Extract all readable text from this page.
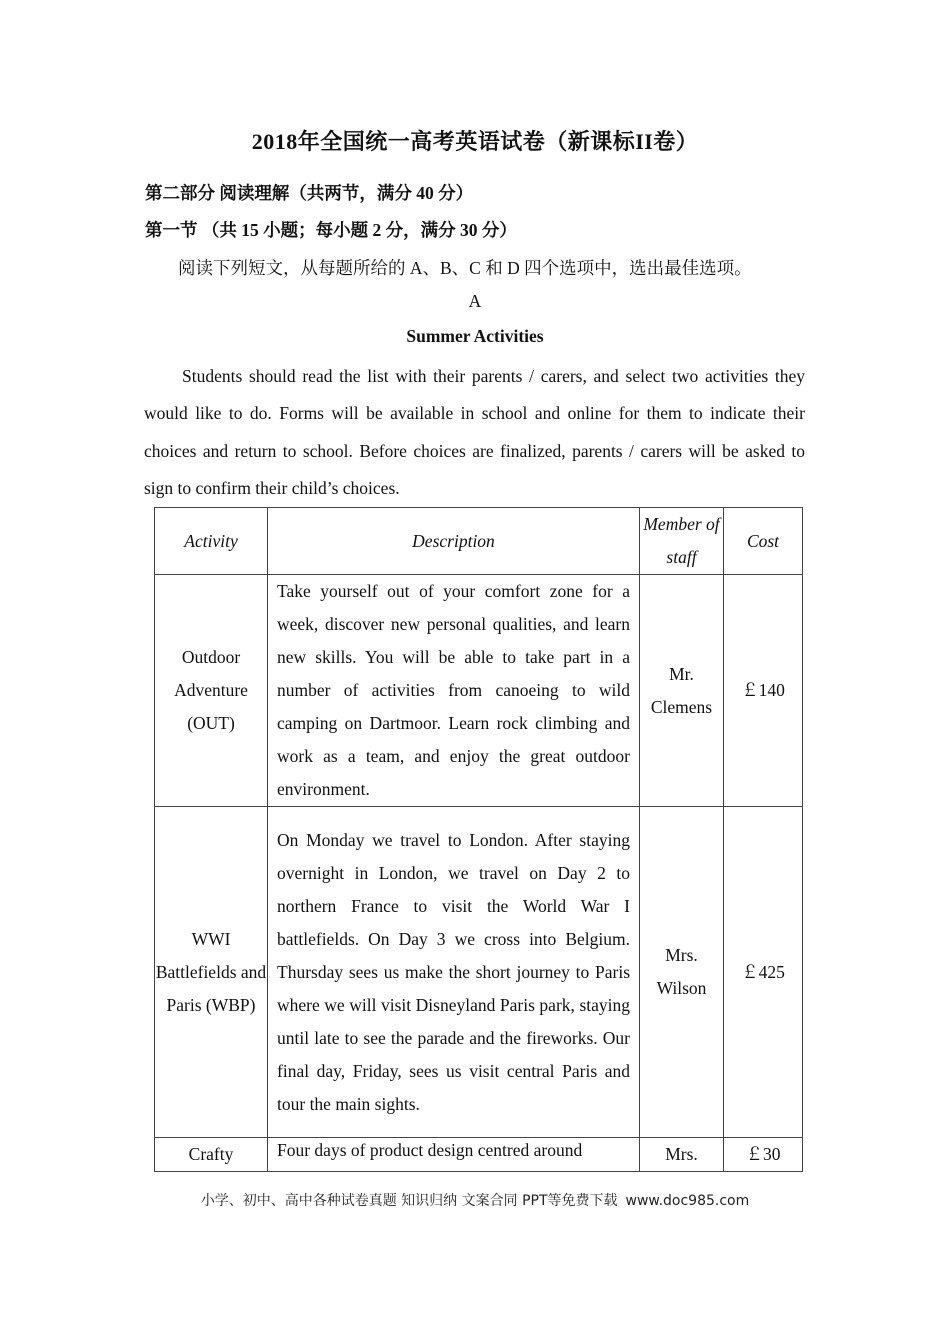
2018年全国统一高考英语试卷（新课标II卷）
第二部分 阅读理解（共两节，满分 40 分）
第一节 （共 15 小题；每小题 2 分，满分 30 分）
阅读下列短文，从每题所给的 A、B、C 和 D 四个选项中，选出最佳选项。
A
Summer Activities

Students should read the list with their parents / carers, and select two activities they would like to do. Forms will be available in school and online for them to indicate their choices and return to school. Before choices are finalized, parents / carers will be asked to sign to confirm their child’s choices.

Activity	Description	Member of staff	Cost
Outdoor Adventure (OUT)	Take yourself out of your comfort zone for a week, discover new personal qualities, and learn new skills. You will be able to take part in a number of activities from canoeing to wild camping on Dartmoor. Learn rock climbing and work as a team, and enjoy the great outdoor environment.	Mr. Clemens	￡140
WWI Battlefields and Paris (WBP)	On Monday we travel to London. After staying overnight in London, we travel on Day 2 to northern France to visit the World War I battlefields. On Day 3 we cross into Belgium. Thursday sees us make the short journey to Paris where we will visit Disneyland Paris park, staying until late to see the parade and the fireworks. Our final day, Friday, sees us visit central Paris and tour the main sights.	Mrs. Wilson	￡425
Crafty	Four days of product design centred around	Mrs.	￡30
小学、初中、高中各种试卷真题 知识归纳 文案合同 PPT等免费下载 www.doc985.com
